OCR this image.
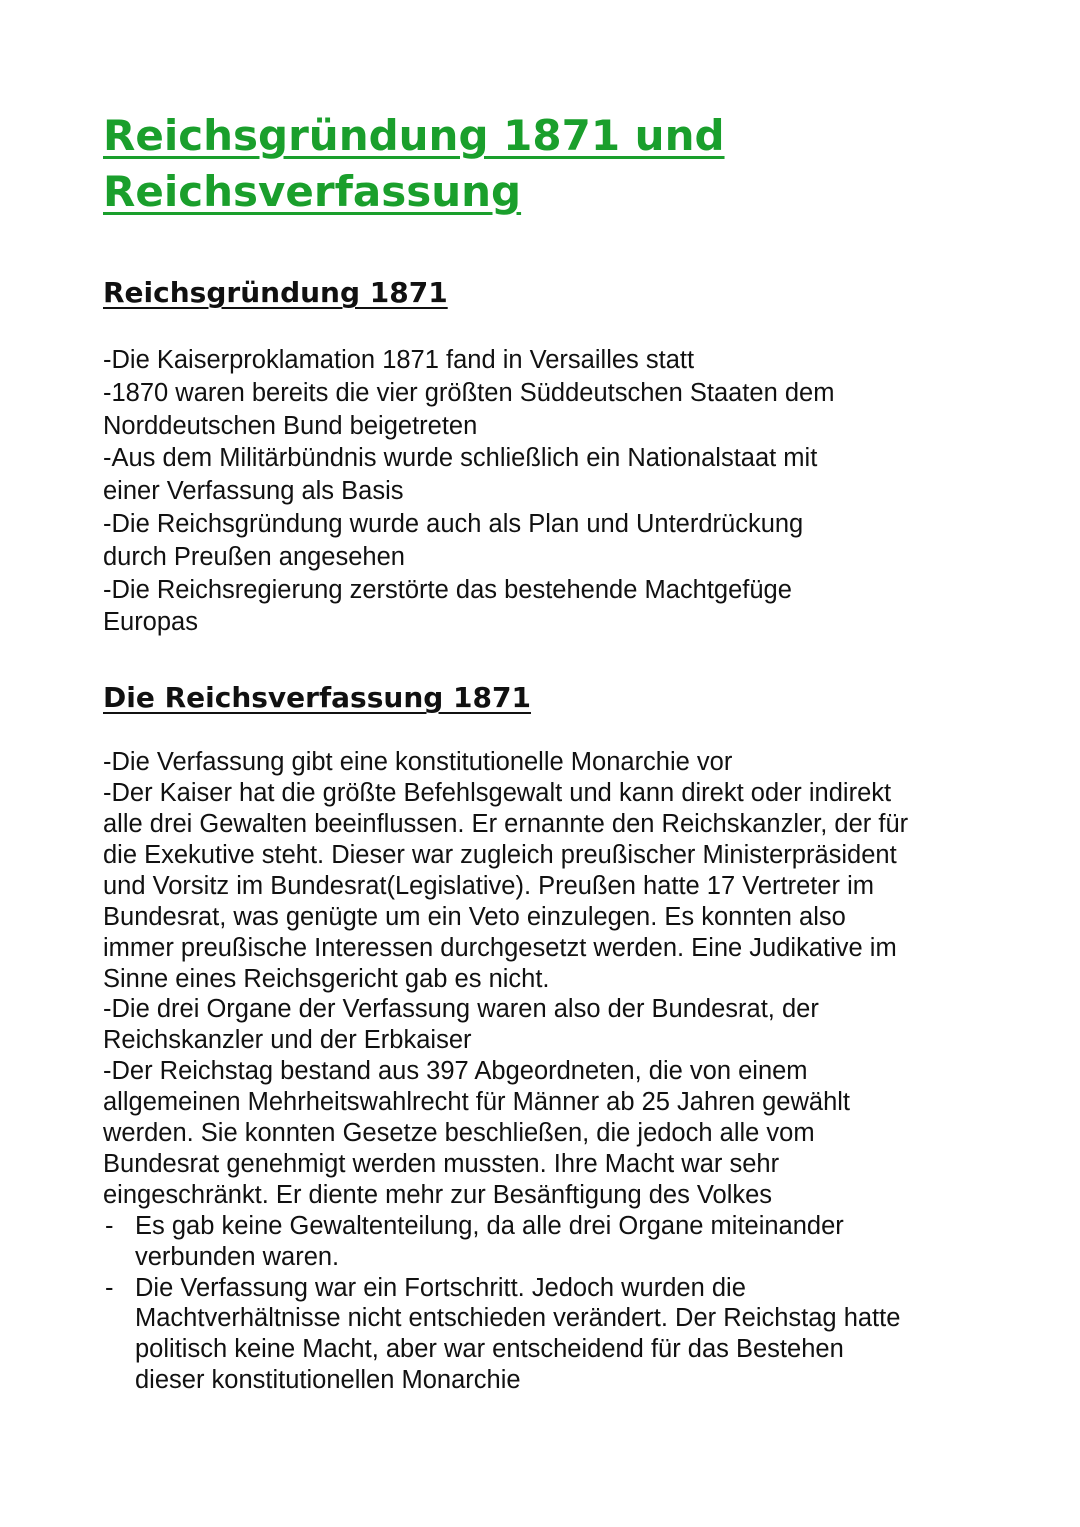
Reichsgründung 1871 und
Reichsverfassung
Reichsgründung 1871

-Die Kaiserproklamation 1871 fand in Versailles statt
-1870 waren bereits die vier größten Süddeutschen Staaten dem
Norddeutschen Bund beigetreten
-Aus dem Militärbündnis wurde schließlich ein Nationalstaat mit
einer Verfassung als Basis
-Die Reichsgründung wurde auch als Plan und Unterdrückung
durch Preußen angesehen
-Die Reichsregierung zerstörte das bestehende Machtgefüge
Europas

Die Reichsverfassung 1871

-Die Verfassung gibt eine konstitutionelle Monarchie vor
-Der Kaiser hat die größte Befehlsgewalt und kann direkt oder indirekt
alle drei Gewalten beeinflussen. Er ernannte den Reichskanzler, der für
die Exekutive steht. Dieser war zugleich preußischer Ministerpräsident
und Vorsitz im Bundesrat(Legislative). Preußen hatte 17 Vertreter im
Bundesrat, was genügte um ein Veto einzulegen. Es konnten also
immer preußische Interessen durchgesetzt werden. Eine Judikative im
Sinne eines Reichsgericht gab es nicht.
-Die drei Organe der Verfassung waren also der Bundesrat, der
Reichskanzler und der Erbkaiser
-Der Reichstag bestand aus 397 Abgeordneten, die von einem
allgemeinen Mehrheitswahlrecht für Männer ab 25 Jahren gewählt
werden. Sie konnten Gesetze beschließen, die jedoch alle vom
Bundesrat genehmigt werden mussten. Ihre Macht war sehr
eingeschränkt. Er diente mehr zur Besänftigung des Volkes

- Es gab keine Gewaltenteilung, da alle drei Organe miteinander
verbunden waren.
- Die Verfassung war ein Fortschritt. Jedoch wurden die
Machtverhältnisse nicht entschieden verändert. Der Reichstag hatte
politisch keine Macht, aber war entscheidend für das Bestehen
dieser konstitutionellen Monarchie
